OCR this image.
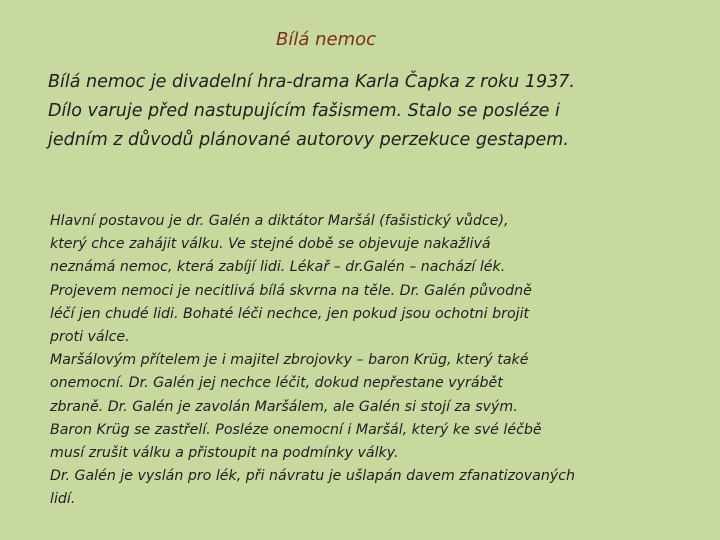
Bílá nemoc
Bílá nemoc je divadelní hra-drama Karla Čapka z roku 1937.
Dílo varuje před nastupujícím fašismem. Stalo se posléze i
jedním z důvodů plánované autorovy perzekuce gestapem.
Hlavní postavou je dr. Galén a diktátor Maršál (fašistický vůdce),
který chce zahájit válku. Ve stejné době se objevuje nakažlivá
neznámá nemoc, která zabíjí lidi. Lékař – dr.Galén – nachází lék.
Projevem nemoci je necitlivá bílá skvrna na těle. Dr. Galén původně
léčí jen chudé lidi. Bohaté léči nechce, jen pokud jsou ochotni brojit
proti válce.
Maršálovým přítelem je i majitel zbrojovky – baron Krüg, který také
onemocní. Dr. Galén jej nechce léčit, dokud nepřestane vyrábět
zbraně. Dr. Galén je zavolán Maršálem, ale Galén si stojí za svým.
Baron Krüg se zastřelí. Posléze onemocní i Maršál, který ke své léčbě
musí zrušit válku a přistoupit na podmínky války.
Dr. Galén je vyslán pro lék, při návratu je ušlapán davem zfanatizovaných
lidí.
